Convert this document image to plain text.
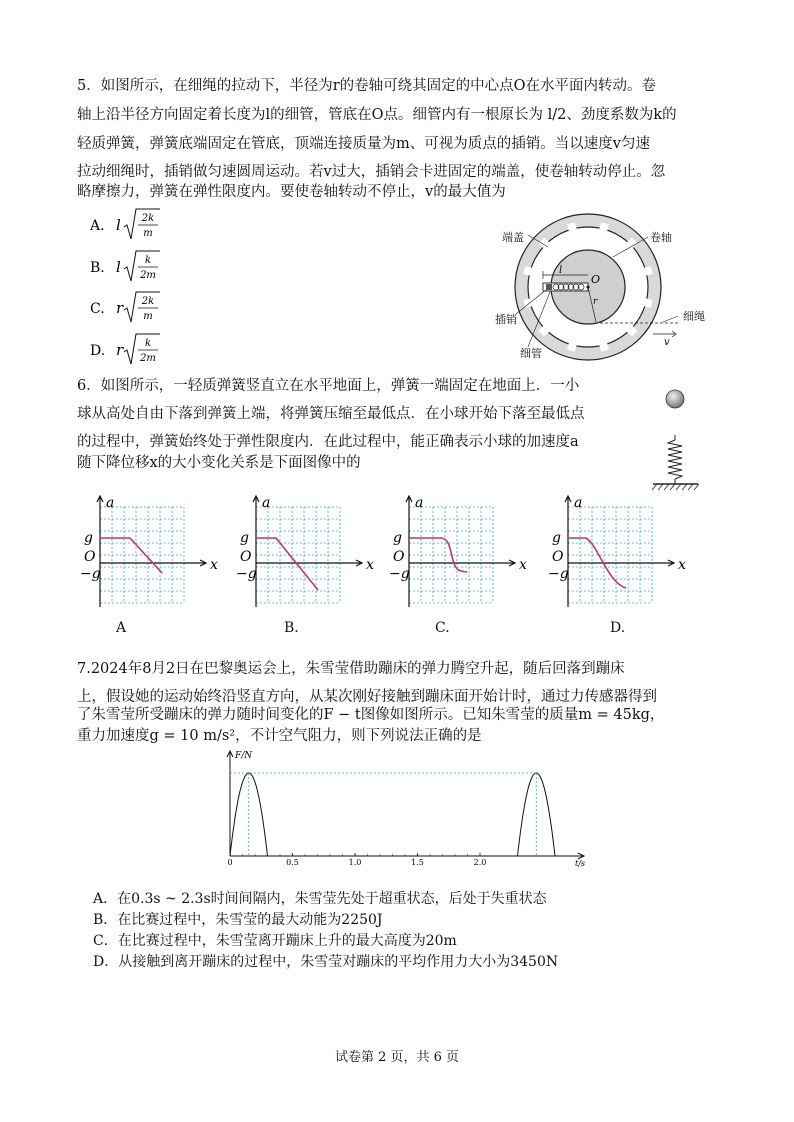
5．如图所示，在细绳的拉动下，半径为r的卷轴可绕其固定的中心点O在水平面内转动。卷
轴上沿半径方向固定着长度为l的细管，管底在O点。细管内有一根原长为 l/2、劲度系数为k的
轻质弹簧，弹簧底端固定在管底，顶端连接质量为m、可视为质点的插销。当以速度v匀速
拉动细绳时，插销做匀速圆周运动。若v过大，插销会卡进固定的端盖，使卷轴转动停止。忽
略摩擦力，弹簧在弹性限度内。要使卷轴转动不停止，v的最大值为
A. l 2k
m
B. l k
2m
C. r 2k
m
D. r k
2m
l
O
r
v
端盖	卷轴
插销
细管
细绳
6．如图所示，一轻质弹簧竖直立在水平地面上，弹簧一端固定在地面上．一小
球从高处自由下落到弹簧上端，将弹簧压缩至最低点．在小球开始下落至最低点
的过程中，弹簧始终处于弹性限度内．在此过程中，能正确表示小球的加速度a
随下降位移x的大小变化关系是下面图像中的
a
x
g
O
−g
a
x
g
O
−g
a
x
g
O
−g
a
x
g
O
−g
A	B.	C.	D.
7.2024年8月2日在巴黎奥运会上，朱雪莹借助蹦床的弹力腾空升起，随后回落到蹦床
上，假设她的运动始终沿竖直方向，从某次刚好接触到蹦床面开始计时，通过力传感器得到
了朱雪莹所受蹦床的弹力随时间变化的F − t图像如图所示。已知朱雪莹的质量m = 45kg，
重力加速度g = 10 m/s²，不计空气阻力，则下列说法正确的是
F/N
t/s
0	0.5	1.0	1.5	2.0
A．在0.3s ~ 2.3s时间间隔内，朱雪莹先处于超重状态，后处于失重状态
B．在比赛过程中，朱雪莹的最大动能为2250J
C．在比赛过程中，朱雪莹离开蹦床上升的最大高度为20m
D．从接触到离开蹦床的过程中，朱雪莹对蹦床的平均作用力大小为3450N
试卷第 2 页，共 6 页
